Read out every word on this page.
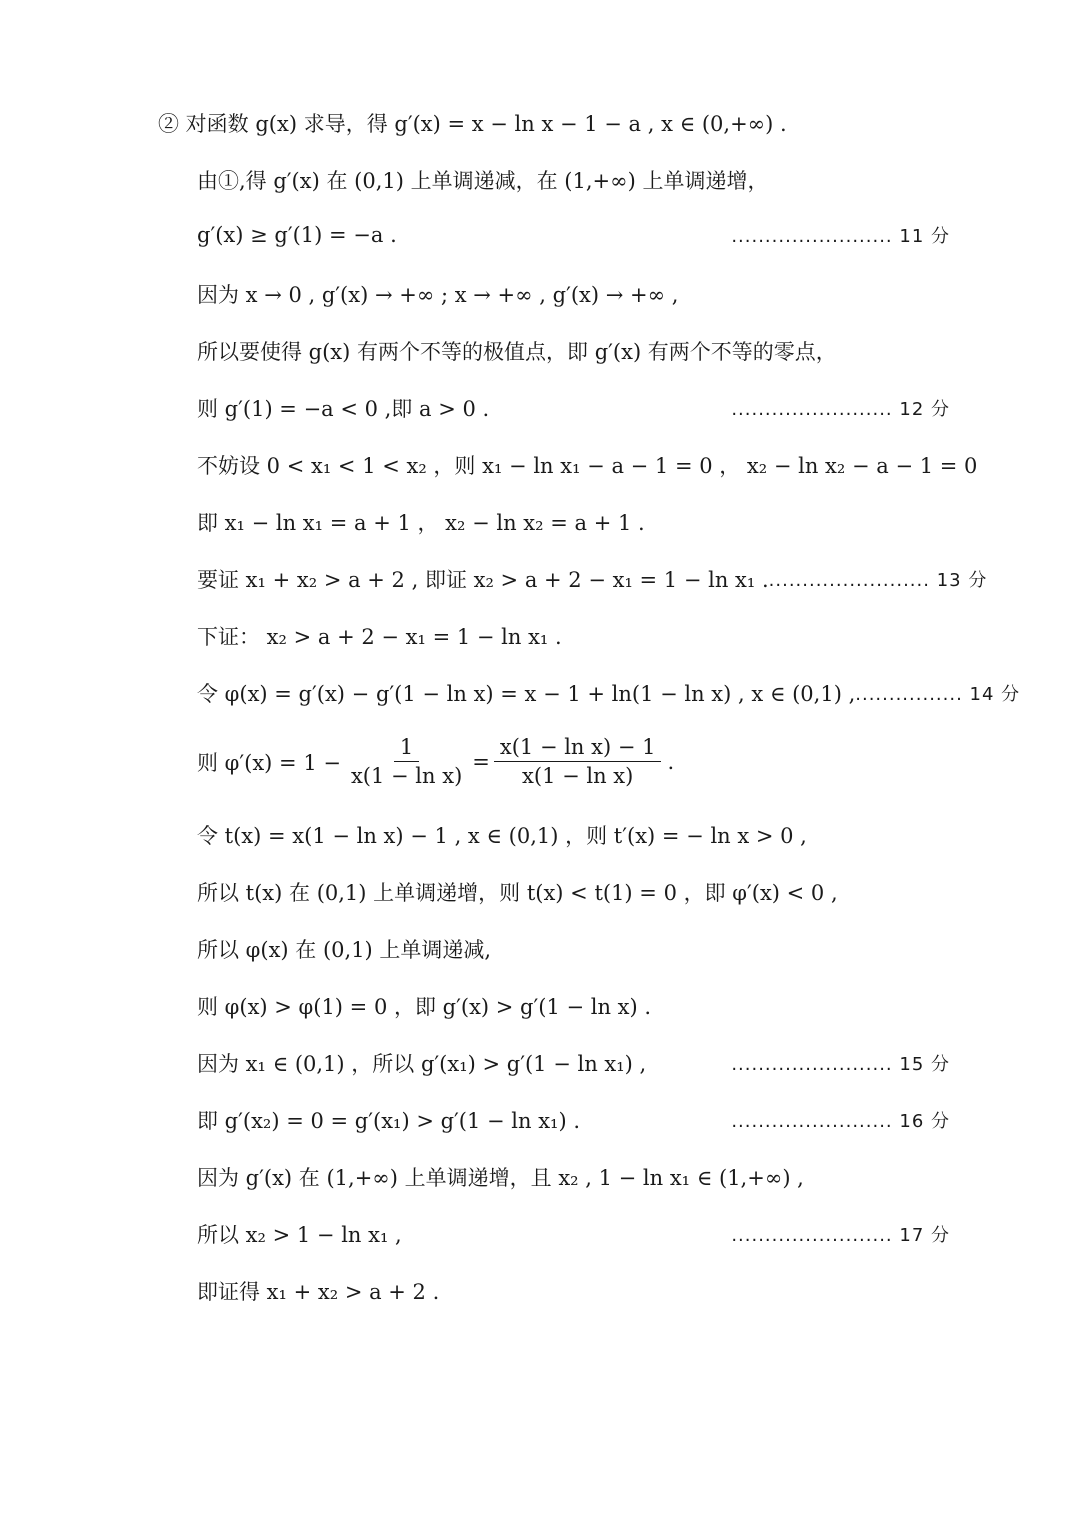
② 对函数 g(x) 求导，得 g′(x) = x − ln x − 1 − a , x ∈ (0,+∞) .
由①,得 g′(x) 在 (0,1) 上单调递减，在 (1,+∞) 上单调递增，
g′(x) ≥ g′(1) = −a .	........................ 11 分
因为 x → 0 , g′(x) → +∞ ; x → +∞ , g′(x) → +∞ ,
所以要使得 g(x) 有两个不等的极值点，即 g′(x) 有两个不等的零点，
则 g′(1) = −a < 0 ,即 a > 0 .	........................ 12 分
不妨设 0 < x₁ < 1 < x₂ ，则 x₁ − ln x₁ − a − 1 = 0 ， x₂ − ln x₂ − a − 1 = 0
即 x₁ − ln x₁ = a + 1 ， x₂ − ln x₂ = a + 1 .
要证 x₁ + x₂ > a + 2 , 即证 x₂ > a + 2 − x₁ = 1 − ln x₁ . ........................ 13 分
下证： x₂ > a + 2 − x₁ = 1 − ln x₁ .
令 φ(x) = g′(x) − g′(1 − ln x) = x − 1 + ln(1 − ln x) , x ∈ (0,1) , ................ 14 分
则 $\varphi'(x) = 1 - \frac{1}{\text{x(1 − ln x)}} = \frac{\text{x(1 − ln x) − 1}}{\text{x(1 − ln x)}}$ .
令 t(x) = x(1 − ln x) − 1 , x ∈ (0,1) ，则 t′(x) = − ln x > 0 ,
所以 t(x) 在 (0,1) 上单调递增，则 t(x) < t(1) = 0 ，即 φ′(x) < 0 ,
所以 φ(x) 在 (0,1) 上单调递减,
则 φ(x) > φ(1) = 0 ，即 g′(x) > g′(1 − ln x) .
因为 x₁ ∈ (0,1) ，所以 g′(x₁) > g′(1 − ln x₁) ,	........................ 15 分
即 g′(x₂) = 0 = g′(x₁) > g′(1 − ln x₁) .	........................ 16 分
因为 g′(x) 在 (1,+∞) 上单调递增，且 x₂ , 1 − ln x₁ ∈ (1,+∞) ,
所以 x₂ > 1 − ln x₁ ,	........................ 17 分
即证得 x₁ + x₂ > a + 2 .
